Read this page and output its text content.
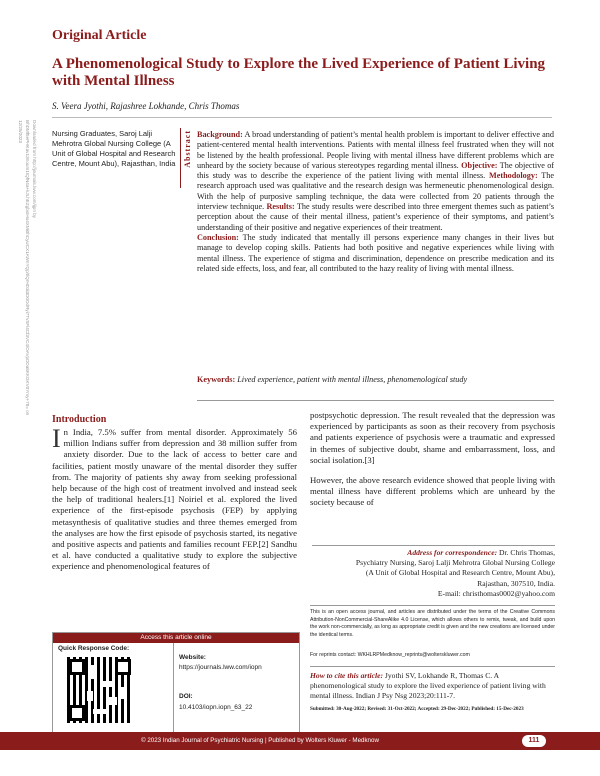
Original Article
A Phenomenological Study to Explore the Lived Experience of Patient Living with Mental Illness
S. Veera Jyothi, Rajashree Lokhande, Chris Thomas
Downloaded from http://journals.lww.com/ijpn by BhDMf5ePHKav1zEoum1tQfN4a+kJLhEZgbsIHo4XMi0hCywCX1AWnYQp/IlQrHD3i3D0OdRyi7TvSFl4Cf3VC4/OAVpDDa8KKGKV0Ymy+78= on 12/25/2023	Nursing Graduates, Saroj Lalji Mehrotra Global Nursing College (A Unit of Global Hospital and Research Centre, Mount Abu), Rajasthan, India Abstract Background: A broad understanding of patient’s mental health problem is important to deliver effective and patient-centered mental health interventions. Patients with mental illness feel frustrated when they will not be listened by the health professional. People living with mental illness have different problems which are unheard by the society because of various stereotypes regarding mental illness. Objective: The objective of this study was to describe the experience of the patient living with mental illness. Methodology: The research approach used was qualitative and the research design was hermeneutic phenomenological design. With the help of purposive sampling technique, the data were collected from 20 patients through the interview technique. Results: The study results were described into three emergent themes such as patient’s perception about the cause of their mental illness, patient’s experience of their symptoms, and patient’s understanding of their positive and negative experiences of their treatment.
Conclusion: The study indicated that mentally ill persons experience many changes in their lives but manage to develop coping skills. Patients had both positive and negative experiences while living with mental illness. The experience of stigma and discrimination, dependence on prescribe medication and its related side effects, loss, and fear, all contributed to the hazy reality of living with mental illness.
Keywords: Lived experience, patient with mental illness, phenomenological study
Introduction
In India, 7.5% suffer from mental disorder. Approximately 56 million Indians suffer from depression and 38 million suffer from anxiety disorder. Due to the lack of access to better care and facilities, patient mostly unaware of the mental disorder they suffer from. The majority of patients shy away from seeking professional help because of the high cost of treatment involved and instead seek the help of traditional healers.[1] Noiriel et al. explored the lived experience of the first-episode psychosis (FEP) by applying metasynthesis of qualitative studies and three themes emerged from the analyses are how the first episode of psychosis started, its negative and positive aspects and patients and families recount FEP.[2] Sandhu et al. have conducted a qualitative study to explore the subjective experience and phenomenological features of

postpsychotic depression. The result revealed that the depression was experienced by participants as soon as their recovery from psychosis and patients experience of psychosis were a traumatic and expressed in themes of subjective doubt, shame and embarrassment, loss, and social isolation.[3]

However, the above research evidence showed that people living with mental illness have different problems which are unheard by the society because of

Address for correspondence: Dr. Chris Thomas,
Psychiatry Nursing, Saroj Lalji Mehrotra Global Nursing College
(A Unit of Global Hospital and Research Centre, Mount Abu),
Rajasthan, 307510, India.
E-mail: christhomas0002@yahoo.com
This is an open access journal, and articles are distributed under the terms of the Creative Commons Attribution-NonCommercial-ShareAlike 4.0 License, which allows others to remix, tweak, and build upon the work non-commercially, as long as appropriate credit is given and the new creations are licensed under the identical terms.
For reprints contact: WKHLRPMedknow_reprints@wolterskluwer.com
How to cite this article: Jyothi SV, Lokhande R, Thomas C. A phenomenological study to explore the lived experience of patient living with mental illness. Indian J Psy Nsg 2023;20:111-7.
Submitted: 30-Aug-2022; Revised: 31-Oct-2022; Accepted: 29-Dec-2022; Published: 15-Dec-2023
Access this article online
Quick Response Code:
Website:
https://journals.lww.com/iopn
DOI:
10.4103/iopn.iopn_63_22
© 2023 Indian Journal of Psychiatric Nursing | Published by Wolters Kluwer - Medknow	111
